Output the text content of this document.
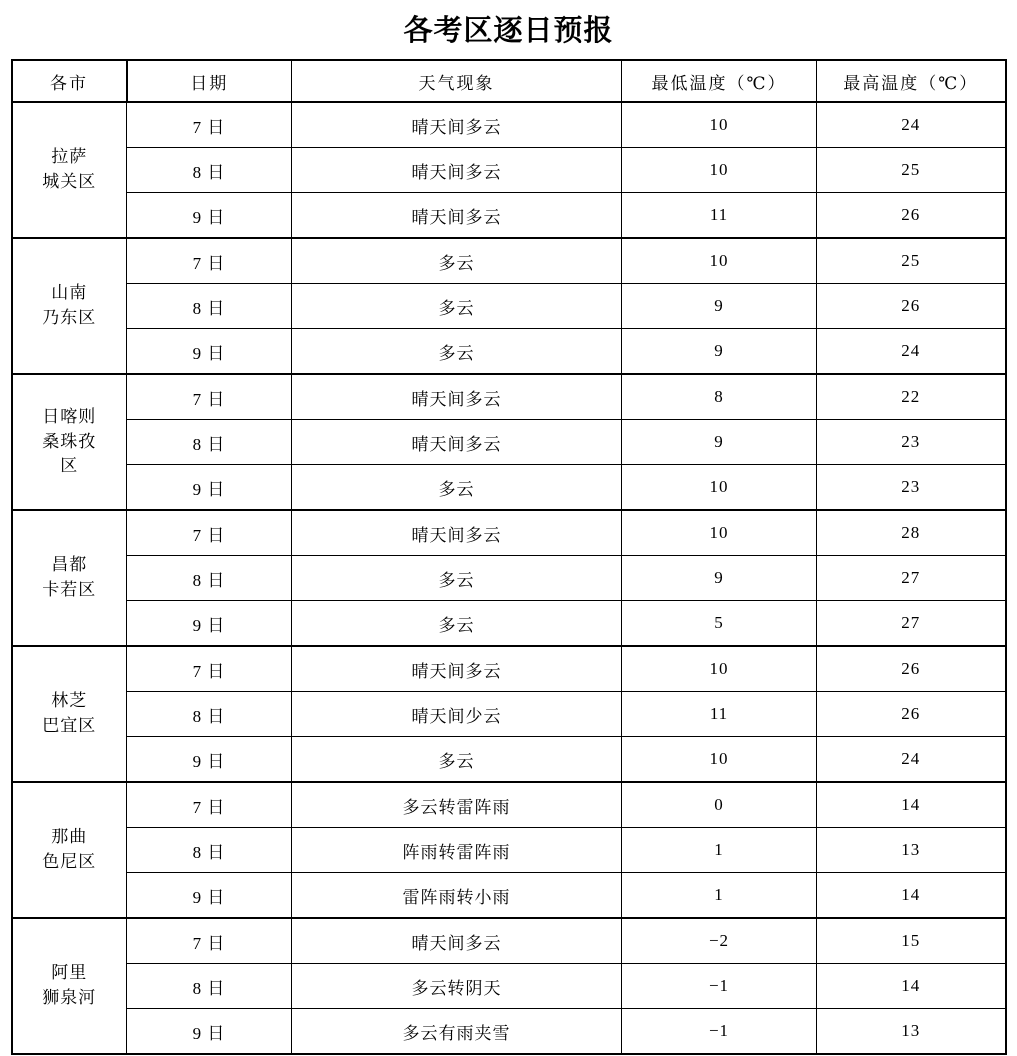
各考区逐日预报
各市	日期	天气现象	最低温度（℃）	最高温度（℃）
拉萨
城关区	7 日	晴天间多云	10	24
	8 日	晴天间多云	10	25
	9 日	晴天间多云	11	26
山南
乃东区	7 日	多云	10	25
	8 日	多云	9	26
	9 日	多云	9	24
日喀则
桑珠孜
区	7 日	晴天间多云	8	22
	8 日	晴天间多云	9	23
	9 日	多云	10	23
昌都
卡若区	7 日	晴天间多云	10	28
	8 日	多云	9	27
	9 日	多云	5	27
林芝
巴宜区	7 日	晴天间多云	10	26
	8 日	晴天间少云	11	26
	9 日	多云	10	24
那曲
色尼区	7 日	多云转雷阵雨	0	14
	8 日	阵雨转雷阵雨	1	13
	9 日	雷阵雨转小雨	1	14
阿里
狮泉河	7 日	晴天间多云	−2	15
	8 日	多云转阴天	−1	14
	9 日	多云有雨夹雪	−1	13
